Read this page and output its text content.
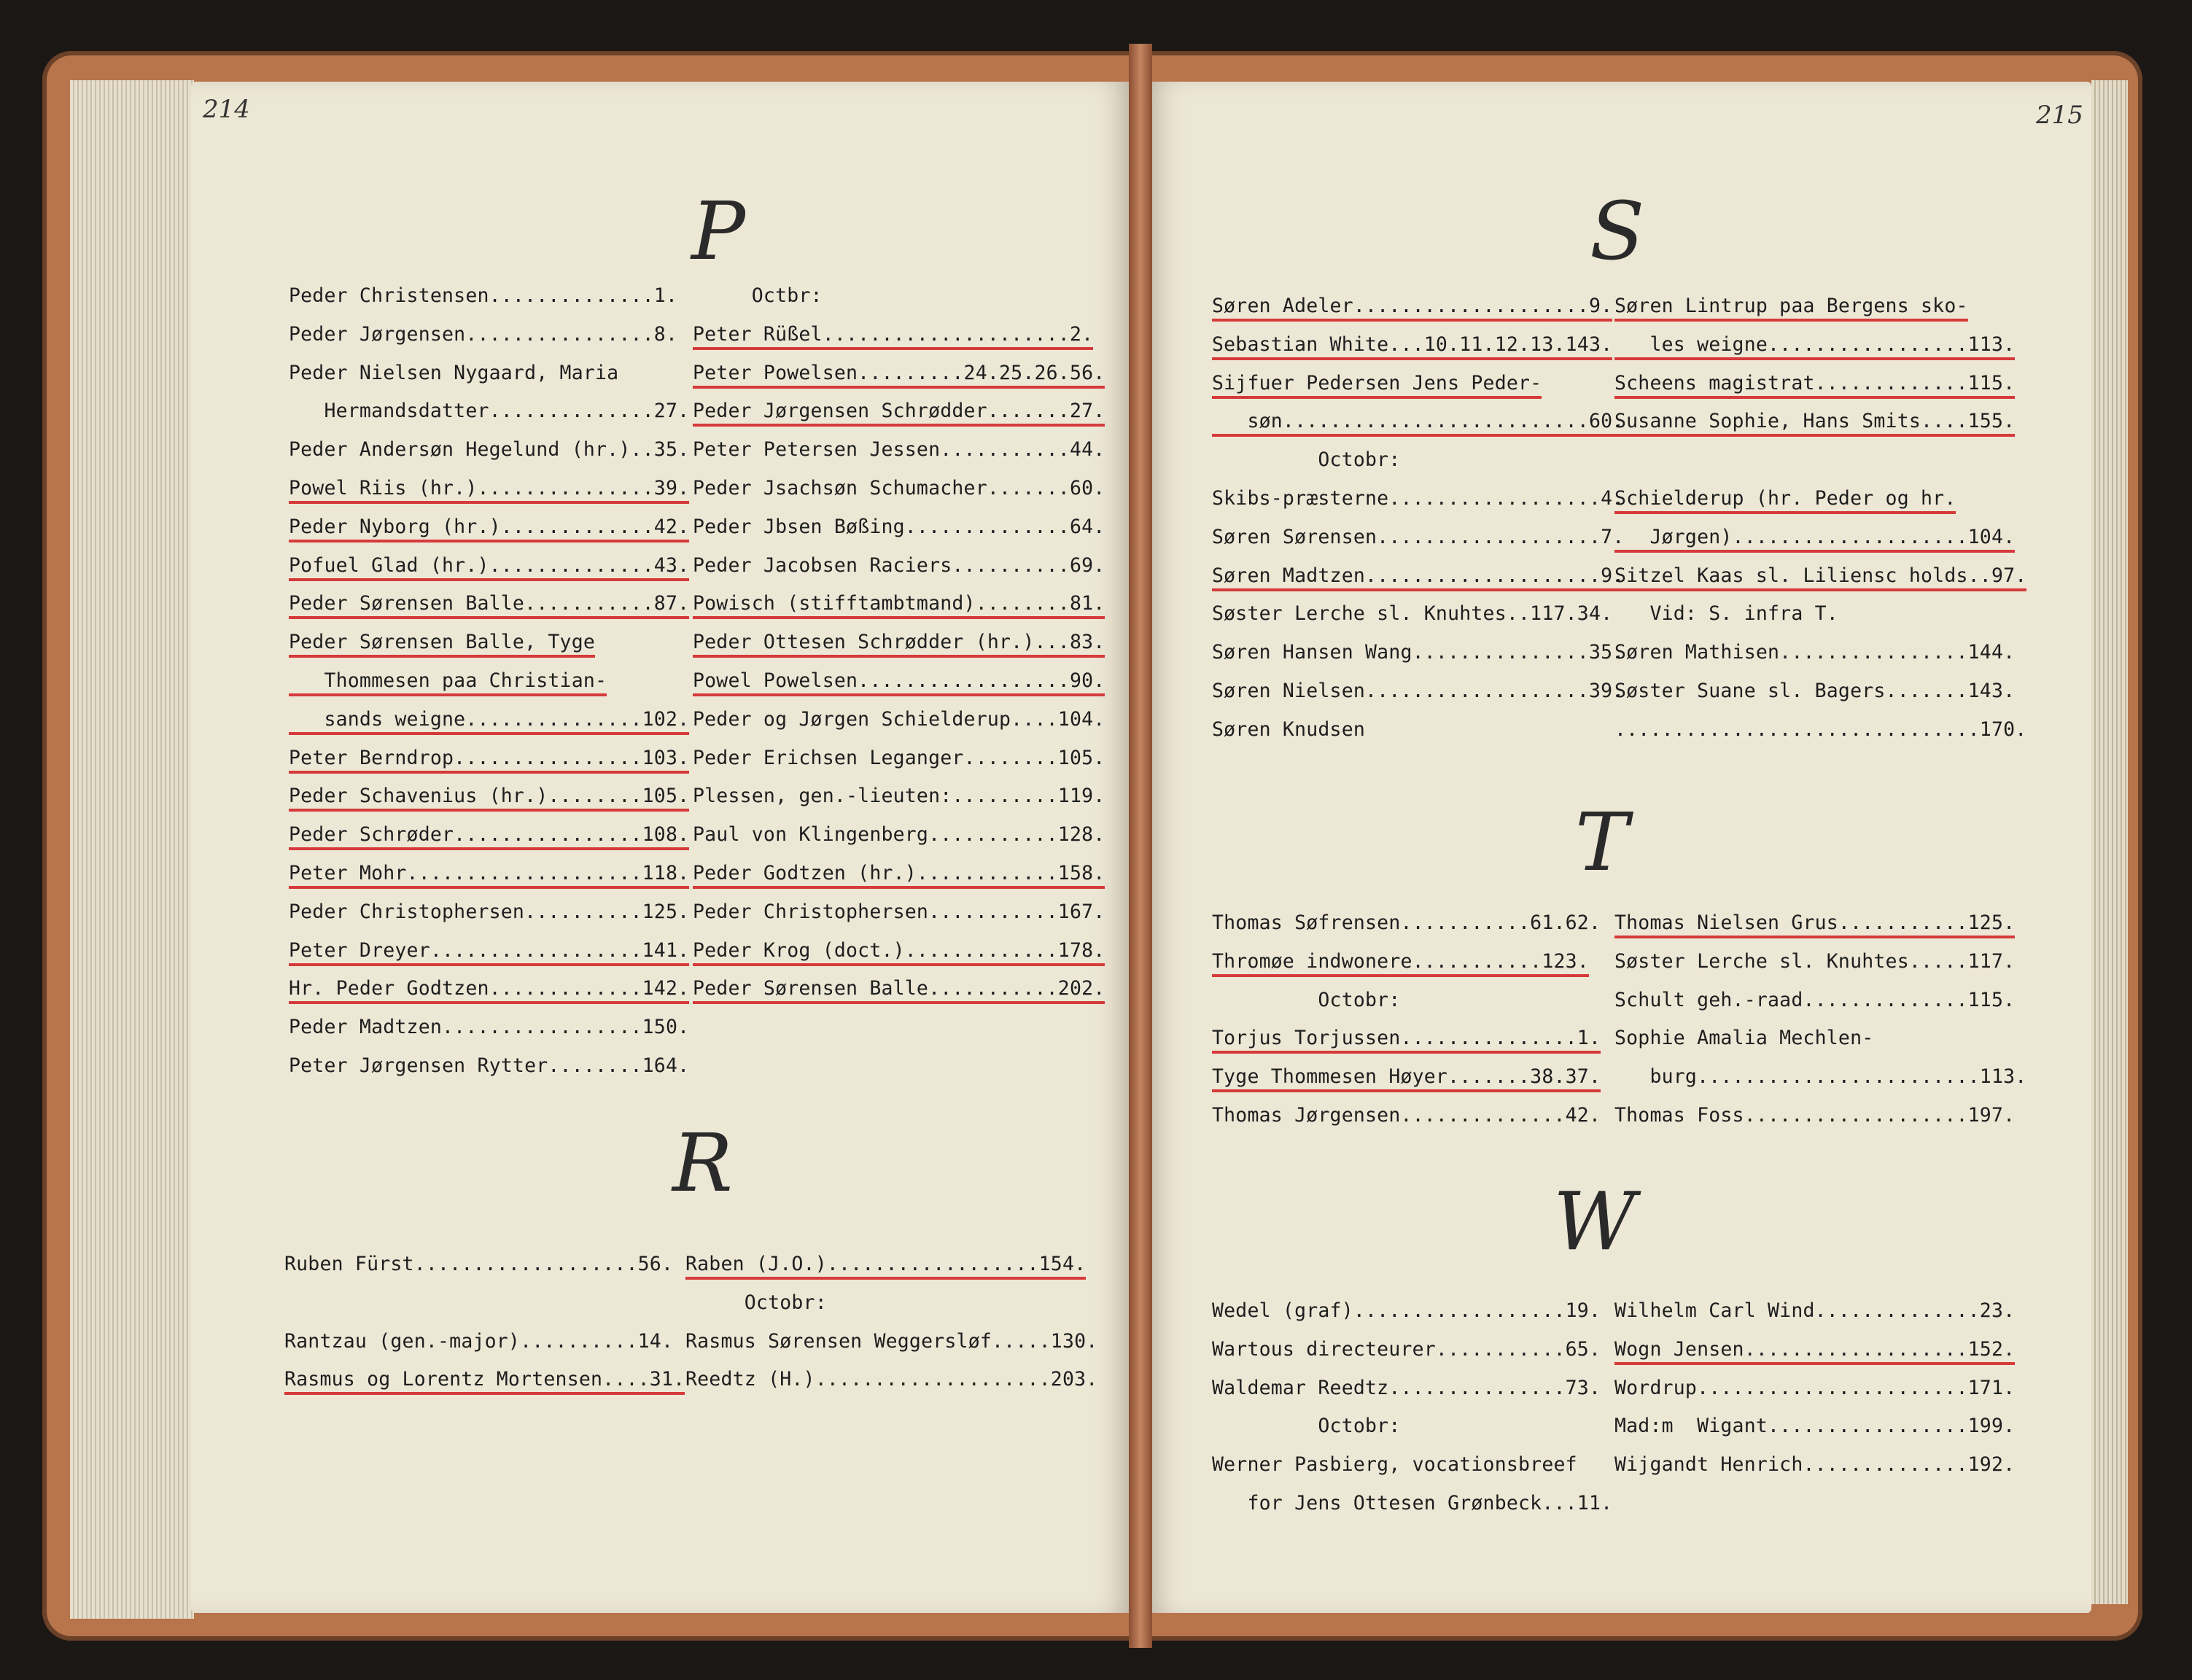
214	215
P
R
S
T
W
Peder Christensen..............1.
Peder Jørgensen................8.
Peder Nielsen Nygaard, Maria
Hermandsdatter..............27.
Peder Andersøn Hegelund (hr.)..35.
Powel Riis (hr.)...............39.
Peder Nyborg (hr.).............42.
Pofuel Glad (hr.)..............43.
Peder Sørensen Balle...........87.
Peder Sørensen Balle, Tyge
Thommesen paa Christian-
sands weigne...............102.
Peter Berndrop................103.
Peder Schavenius (hr.)........105.
Peder Schrøder................108.
Peter Mohr....................118.
Peder Christophersen..........125.
Peter Dreyer..................141.
Hr. Peder Godtzen.............142.
Peder Madtzen.................150.
Peter Jørgensen Rytter........164.
Octbr:
Peter Rüßel.....................2.
Peter Powelsen.........24.25.26.56.
Peder Jørgensen Schrødder.......27.
Peter Petersen Jessen...........44.
Peder Jsachsøn Schumacher.......60.
Peder Jbsen Bøßing..............64.
Peder Jacobsen Raciers..........69.
Powisch (stifftambtmand)........81.
Peder Ottesen Schrødder (hr.)...83.
Powel Powelsen..................90.
Peder og Jørgen Schielderup....104.
Peder Erichsen Leganger........105.
Plessen, gen.-lieuten:.........119.
Paul von Klingenberg...........128.
Peder Godtzen (hr.)............158.
Peder Christophersen...........167.
Peder Krog (doct.).............178.
Peder Sørensen Balle...........202.
Ruben Fürst...................56.
Rantzau (gen.-major)..........14.
Rasmus og Lorentz Mortensen....31.
Raben (J.O.)..................154.
Octobr:
Rasmus Sørensen Weggersløf.....130.
Reedtz (H.)....................203.
Søren Adeler....................9.
Sebastian White...10.11.12.13.143.
Sijfuer Pedersen Jens Peder-
søn..........................60.
Octobr:
Skibs-præsterne..................4.
Søren Sørensen...................7.
Søren Madtzen....................9.
Søster Lerche sl. Knuhtes..117.34.
Søren Hansen Wang...............35.
Søren Nielsen...................39.
Søren Knudsen
Søren Lintrup paa Bergens sko-
les weigne.................113.
Scheens magistrat.............115.
Susanne Sophie, Hans Smits....155.
Schielderup (hr. Peder og hr.
Jørgen)....................104.
Sitzel Kaas sl. Liliensc holds..97.
Vid: S. infra T.
Søren Mathisen................144.
Søster Suane sl. Bagers.......143.
...............................170.
Thomas Søfrensen...........61.62.
Thromøe indwonere...........123.
Octobr:
Torjus Torjussen...............1.
Tyge Thommesen Høyer.......38.37.
Thomas Jørgensen..............42.
Thomas Nielsen Grus...........125.
Søster Lerche sl. Knuhtes.....117.
Schult geh.-raad..............115.
Sophie Amalia Mechlen-
burg........................113.
Thomas Foss...................197.
Wedel (graf)..................19.
Wartous directeurer...........65.
Waldemar Reedtz...............73.
Octobr:
Werner Pasbierg, vocationsbreef
for Jens Ottesen Grønbeck...11.
Wilhelm Carl Wind..............23.
Wogn Jensen...................152.
Wordrup.......................171.
Mad:m  Wigant.................199.
Wijgandt Henrich..............192.
